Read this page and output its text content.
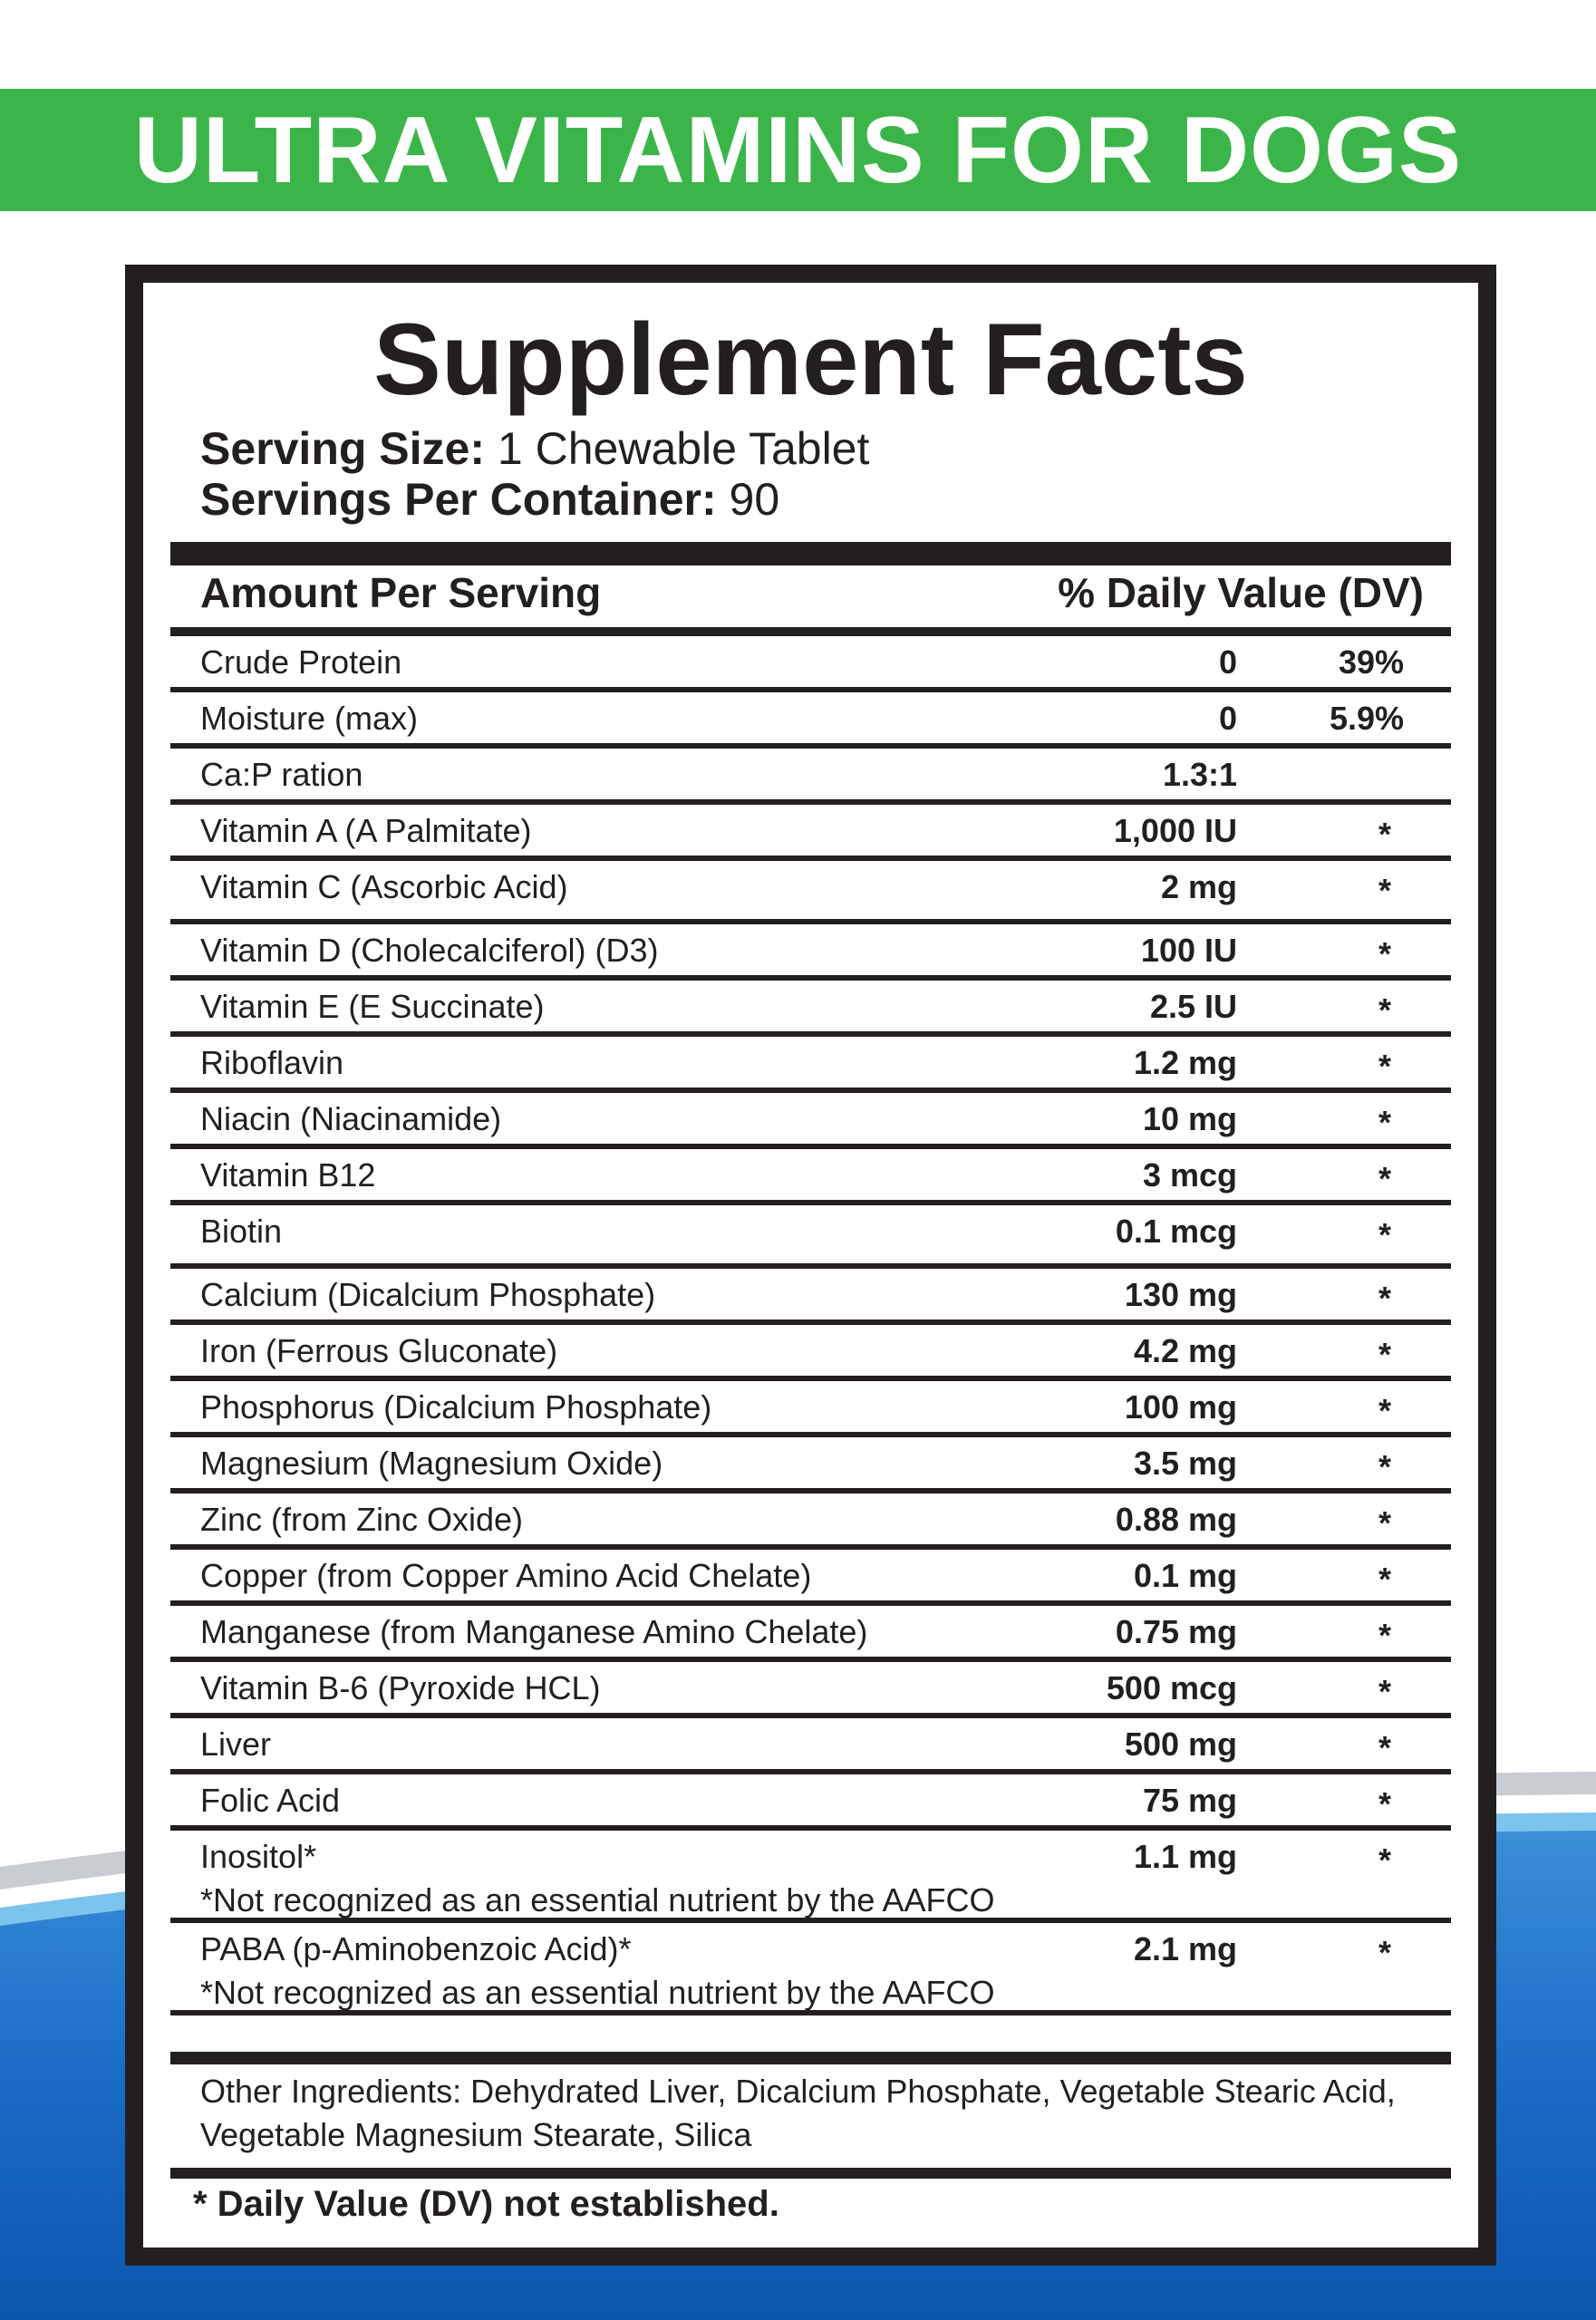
ULTRA VITAMINS FOR DOGS
Supplement Facts
Serving Size: 1 Chewable Tablet
Servings Per Container: 90
Amount Per Serving	% Daily Value (DV)
Crude Protein	0	39%
Moisture (max)	0	5.9%
Ca:P ration	1.3:1
Vitamin A (A Palmitate)	1,000 IU	*
Vitamin C (Ascorbic Acid)	2 mg	*
Vitamin D (Cholecalciferol) (D3)	100 IU	*
Vitamin E (E Succinate)	2.5 IU	*
Riboflavin	1.2 mg	*
Niacin (Niacinamide)	10 mg	*
Vitamin B12	3 mcg	*
Biotin	0.1 mcg	*
Calcium (Dicalcium Phosphate)	130 mg	*
Iron (Ferrous Gluconate)	4.2 mg	*
Phosphorus (Dicalcium Phosphate)	100 mg	*
Magnesium (Magnesium Oxide)	3.5 mg	*
Zinc (from Zinc Oxide)	0.88 mg	*
Copper (from Copper Amino Acid Chelate)	0.1 mg	*
Manganese (from Manganese Amino Chelate)	0.75 mg	*
Vitamin B-6 (Pyroxide HCL)	500 mcg	*
Liver	500 mg	*
Folic Acid	75 mg	*
Inositol*	1.1 mg	*
*Not recognized as an essential nutrient by the AAFCO
PABA (p-Aminobenzoic Acid)*	2.1 mg	*
*Not recognized as an essential nutrient by the AAFCO
Other Ingredients: Dehydrated Liver, Dicalcium Phosphate, Vegetable Stearic Acid, Vegetable Magnesium Stearate, Silica
* Daily Value (DV) not established.
